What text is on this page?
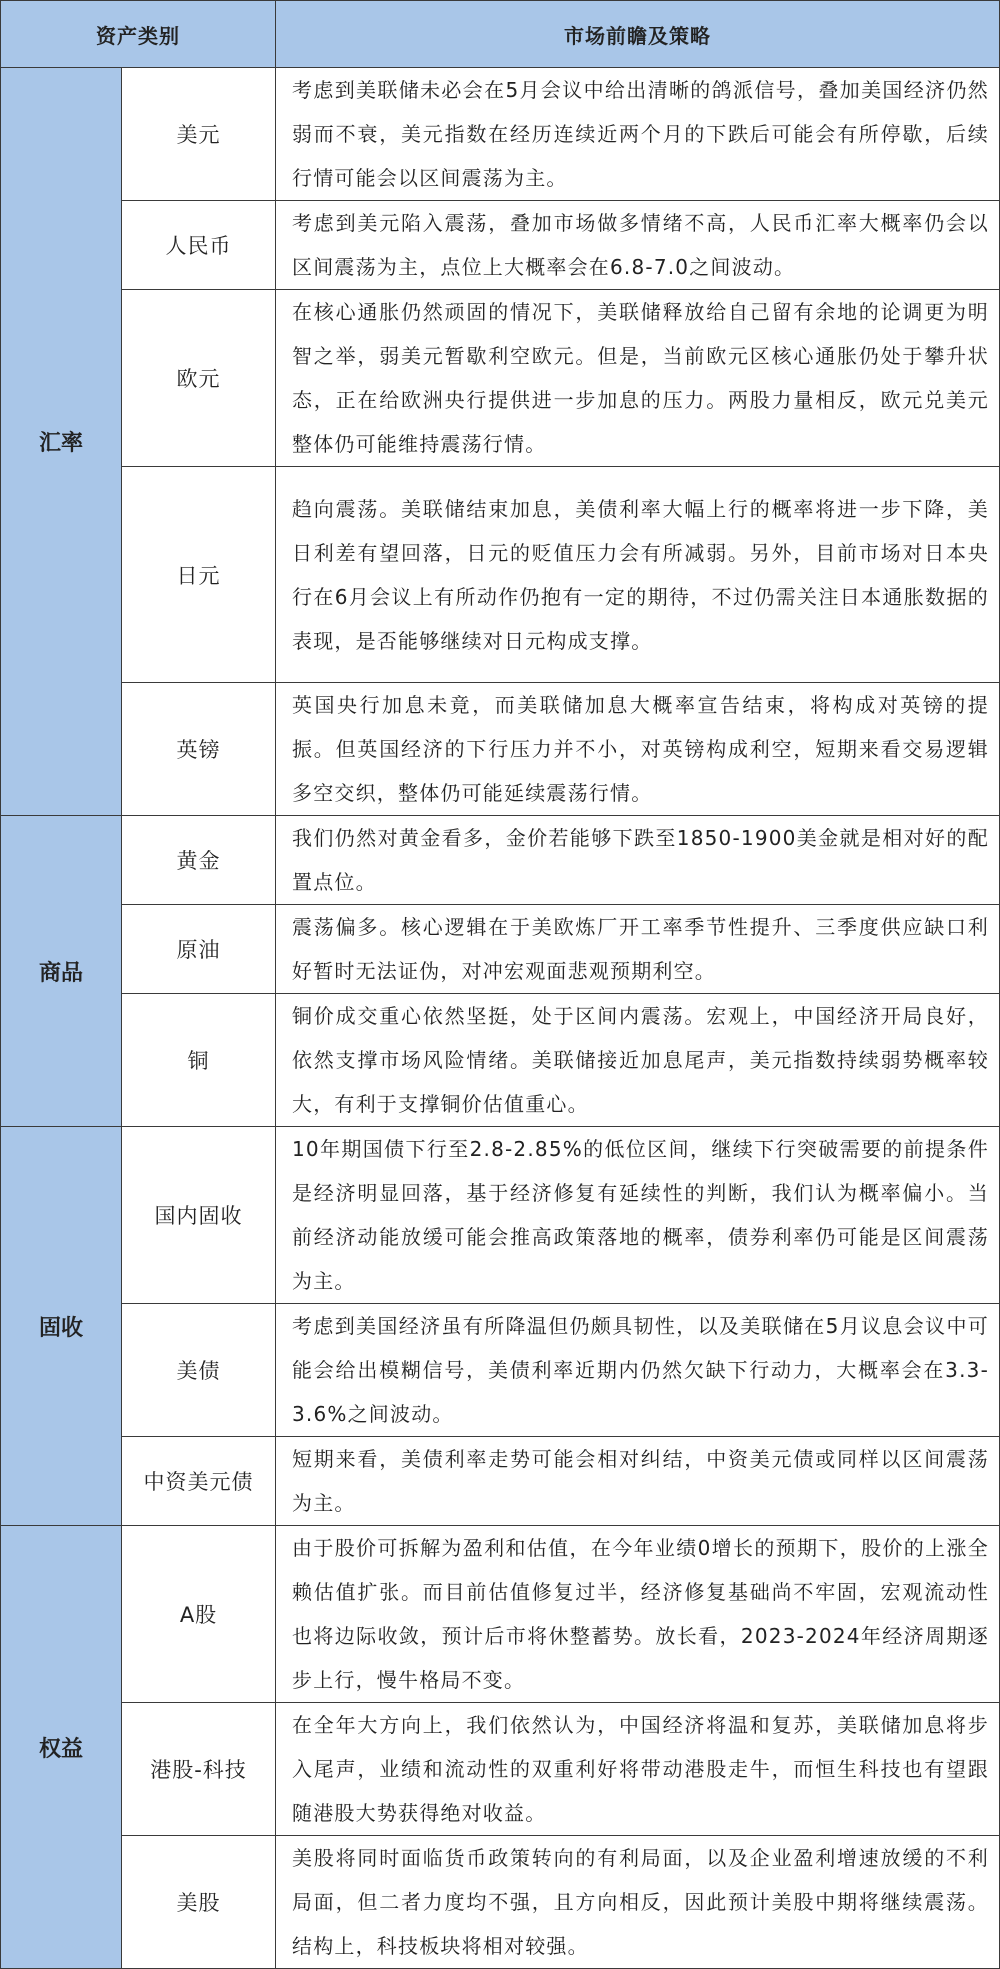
资产类别		市场前瞻及策略
汇率	美元	考虑到美联储未必会在5月会议中给出清晰的鸽派信号，叠加美国经济仍然弱而不衰，美元指数在经历连续近两个月的下跌后可能会有所停歇，后续行情可能会以区间震荡为主。
	人民币	考虑到美元陷入震荡，叠加市场做多情绪不高，人民币汇率大概率仍会以区间震荡为主，点位上大概率会在6.8-7.0之间波动。
	欧元	在核心通胀仍然顽固的情况下，美联储释放给自己留有余地的论调更为明智之举，弱美元暂歇利空欧元。但是，当前欧元区核心通胀仍处于攀升状态，正在给欧洲央行提供进一步加息的压力。两股力量相反，欧元兑美元整体仍可能维持震荡行情。
	日元	趋向震荡。美联储结束加息，美债利率大幅上行的概率将进一步下降，美日利差有望回落，日元的贬值压力会有所减弱。另外，目前市场对日本央行在6月会议上有所动作仍抱有一定的期待，不过仍需关注日本通胀数据的表现，是否能够继续对日元构成支撑。
	英镑	英国央行加息未竟，而美联储加息大概率宣告结束，将构成对英镑的提振。但英国经济的下行压力并不小，对英镑构成利空，短期来看交易逻辑多空交织，整体仍可能延续震荡行情。
商品	黄金	我们仍然对黄金看多，金价若能够下跌至1850-1900美金就是相对好的配置点位。
	原油	震荡偏多。核心逻辑在于美欧炼厂开工率季节性提升、三季度供应缺口利好暂时无法证伪，对冲宏观面悲观预期利空。
	铜	铜价成交重心依然坚挺，处于区间内震荡。宏观上，中国经济开局良好，依然支撑市场风险情绪。美联储接近加息尾声，美元指数持续弱势概率较大，有利于支撑铜价估值重心。
固收	国内固收	10年期国债下行至2.8-2.85%的低位区间，继续下行突破需要的前提条件是经济明显回落，基于经济修复有延续性的判断，我们认为概率偏小。当前经济动能放缓可能会推高政策落地的概率，债券利率仍可能是区间震荡为主。
	美债	考虑到美国经济虽有所降温但仍颇具韧性，以及美联储在5月议息会议中可能会给出模糊信号，美债利率近期内仍然欠缺下行动力，大概率会在3.3-3.6%之间波动。
	中资美元债	短期来看，美债利率走势可能会相对纠结，中资美元债或同样以区间震荡为主。
权益	A股	由于股价可拆解为盈利和估值，在今年业绩0增长的预期下，股价的上涨全赖估值扩张。而目前估值修复过半，经济修复基础尚不牢固，宏观流动性也将边际收敛，预计后市将休整蓄势。放长看，2023-2024年经济周期逐步上行，慢牛格局不变。
	港股-科技	在全年大方向上，我们依然认为，中国经济将温和复苏，美联储加息将步入尾声，业绩和流动性的双重利好将带动港股走牛，而恒生科技也有望跟随港股大势获得绝对收益。
	美股	美股将同时面临货币政策转向的有利局面，以及企业盈利增速放缓的不利局面，但二者力度均不强，且方向相反，因此预计美股中期将继续震荡。结构上，科技板块将相对较强。
